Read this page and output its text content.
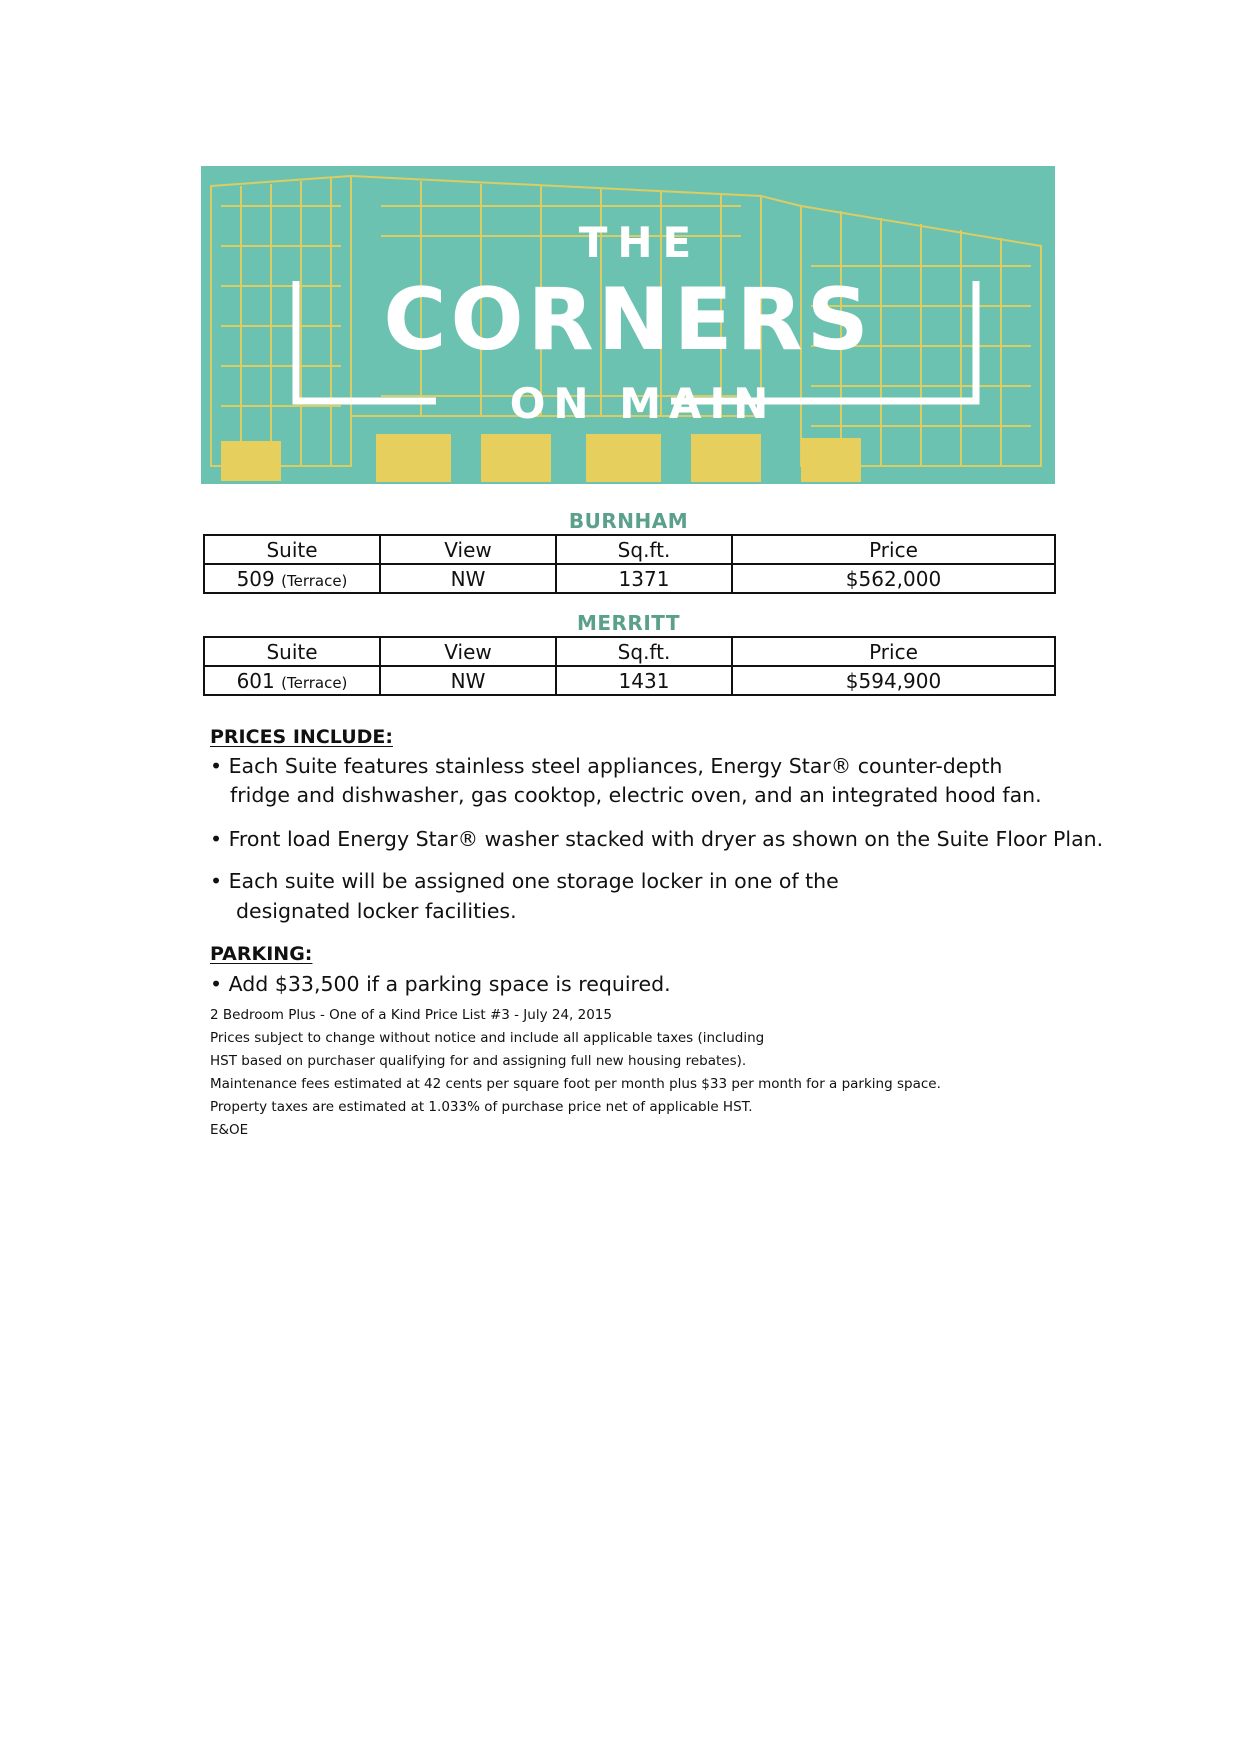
THE
CORNERS
ON MAIN
BURNHAM
Suite	View	Sq.ft.	Price
509 (Terrace)	NW	1371	$562,000
MERRITT
Suite	View	Sq.ft.	Price
601 (Terrace)	NW	1431	$594,900
PRICES INCLUDE:
• Each Suite features stainless steel appliances, Energy Star® counter-depth
fridge and dishwasher, gas cooktop, electric oven, and an integrated hood fan.
• Front load Energy Star® washer stacked with dryer as shown on the Suite Floor Plan.
• Each suite will be assigned one storage locker in one of the
designated locker facilities.
PARKING:
• Add $33,500 if a parking space is required.
2 Bedroom Plus - One of a Kind Price List #3 - July 24, 2015
Prices subject to change without notice and include all applicable taxes (including
HST based on purchaser qualifying for and assigning full new housing rebates).
Maintenance fees estimated at 42 cents per square foot per month plus $33 per month for a parking space.
Property taxes are estimated at 1.033% of purchase price net of applicable HST.
E&OE
